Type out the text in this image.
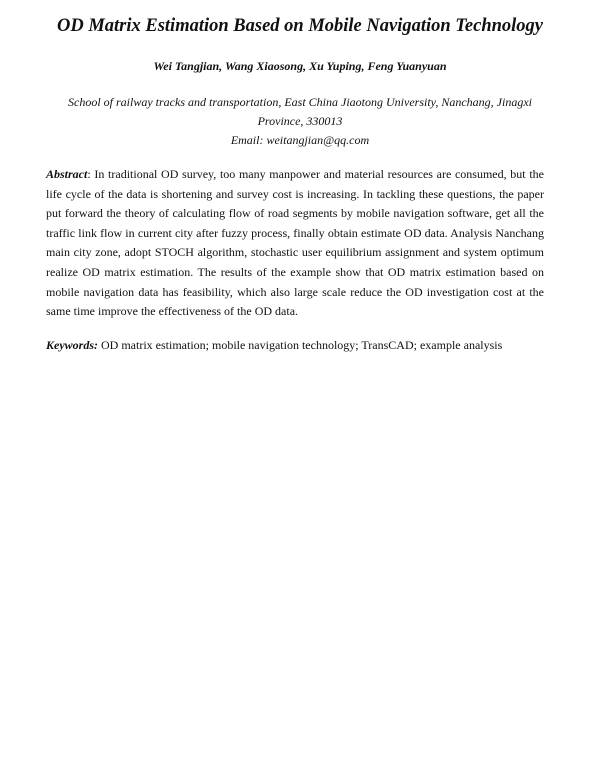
OD Matrix Estimation Based on Mobile Navigation Technology
Wei Tangjian, Wang Xiaosong, Xu Yuping, Feng Yuanyuan
School of railway tracks and transportation, East China Jiaotong University, Nanchang, Jinagxi
Province, 330013
Email: weitangjian@qq.com
Abstract: In traditional OD survey, too many manpower and material resources are consumed, but the life cycle of the data is shortening and survey cost is increasing. In tackling these questions, the paper put forward the theory of calculating flow of road segments by mobile navigation software, get all the traffic link flow in current city after fuzzy process, finally obtain estimate OD data. Analysis Nanchang main city zone, adopt STOCH algorithm, stochastic user equilibrium assignment and system optimum realize OD matrix estimation. The results of the example show that OD matrix estimation based on mobile navigation data has feasibility, which also large scale reduce the OD investigation cost at the same time improve the effectiveness of the OD data.
Keywords: OD matrix estimation; mobile navigation technology; TransCAD; example analysis
